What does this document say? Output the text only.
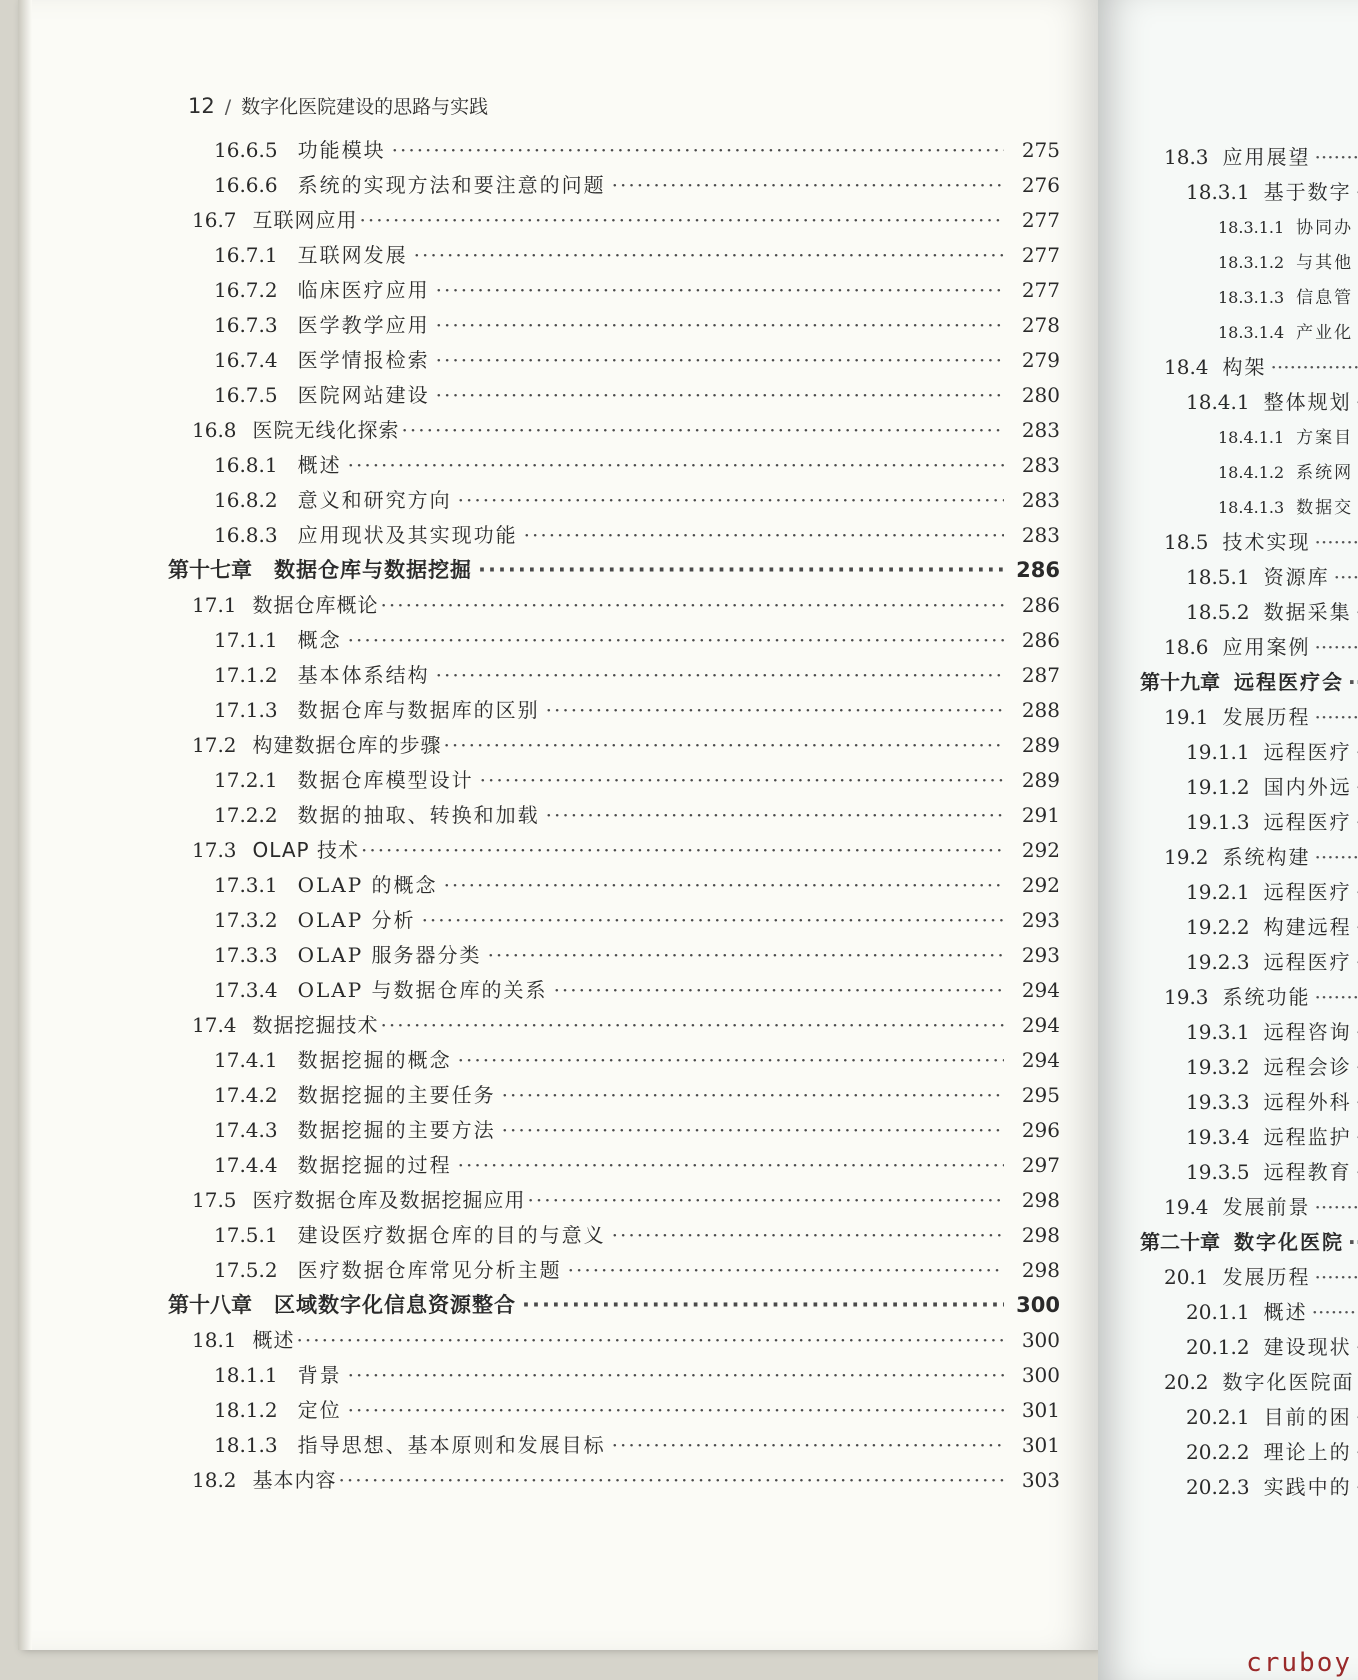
12 / 数字化医院建设的思路与实践
16.6.5 功能模块 ·····	275
16.6.6 系统的实现方法和要注意的问题 ·····	276
16.7 互联网应用 ·····	277
16.7.1 互联网发展 ·····	277
16.7.2 临床医疗应用 ·····	277
16.7.3 医学教学应用 ·····	278
16.7.4 医学情报检索 ·····	279
16.7.5 医院网站建设 ·····	280
16.8 医院无线化探索 ·····	283
16.8.1 概述 ·····	283
16.8.2 意义和研究方向 ·····	283
16.8.3 应用现状及其实现功能 ·····	283
第十七章 数据仓库与数据挖掘 ·····	286
17.1 数据仓库概论 ·····	286
17.1.1 概念 ·····	286
17.1.2 基本体系结构 ·····	287
17.1.3 数据仓库与数据库的区别 ·····	288
17.2 构建数据仓库的步骤 ·····	289
17.2.1 数据仓库模型设计 ·····	289
17.2.2 数据的抽取、转换和加载 ·····	291
17.3 OLAP 技术 ·····	292
17.3.1 OLAP 的概念 ·····	292
17.3.2 OLAP 分析 ·····	293
17.3.3 OLAP 服务器分类 ·····	293
17.3.4 OLAP 与数据仓库的关系 ·····	294
17.4 数据挖掘技术 ·····	294
17.4.1 数据挖掘的概念 ·····	294
17.4.2 数据挖掘的主要任务 ·····	295
17.4.3 数据挖掘的主要方法 ·····	296
17.4.4 数据挖掘的过程 ·····	297
17.5 医疗数据仓库及数据挖掘应用 ·····	298
17.5.1 建设医疗数据仓库的目的与意义 ·····	298
17.5.2 医疗数据仓库常见分析主题 ·····	298
第十八章 区域数字化信息资源整合 ·····	300
18.1 概述 ·····	300
18.1.1 背景 ·····	300
18.1.2 定位 ·····	301
18.1.3 指导思想、基本原则和发展目标 ·····	301
18.2 基本内容 ·····	303
18.3 应用展望 ·····
18.3.1 基于数字 ·····
18.3.1.1 协同办 ·····
18.3.1.2 与其他 ·····
18.3.1.3 信息管 ·····
18.3.1.4 产业化 ·····
18.4 构架 ·····
18.4.1 整体规划 ·····
18.4.1.1 方案目 ·····
18.4.1.2 系统网 ·····
18.4.1.3 数据交 ·····
18.5 技术实现 ·····
18.5.1 资源库 ·····
18.5.2 数据采集 ·····
18.6 应用案例 ·····
第十九章 远程医疗会 ·····
19.1 发展历程 ·····
19.1.1 远程医疗 ·····
19.1.2 国内外远 ·····
19.1.3 远程医疗 ·····
19.2 系统构建 ·····
19.2.1 远程医疗 ·····
19.2.2 构建远程 ·····
19.2.3 远程医疗 ·····
19.3 系统功能 ·····
19.3.1 远程咨询 ·····
19.3.2 远程会诊 ·····
19.3.3 远程外科 ·····
19.3.4 远程监护 ·····
19.3.5 远程教育 ·····
19.4 发展前景 ·····
第二十章 数字化医院 ·····
20.1 发展历程 ·····
20.1.1 概述 ·····
20.1.2 建设现状 ·····
20.2 数字化医院面 ·····
20.2.1 目前的困 ·····
20.2.2 理论上的 ·····
20.2.3 实践中的 ·····
cruboy
